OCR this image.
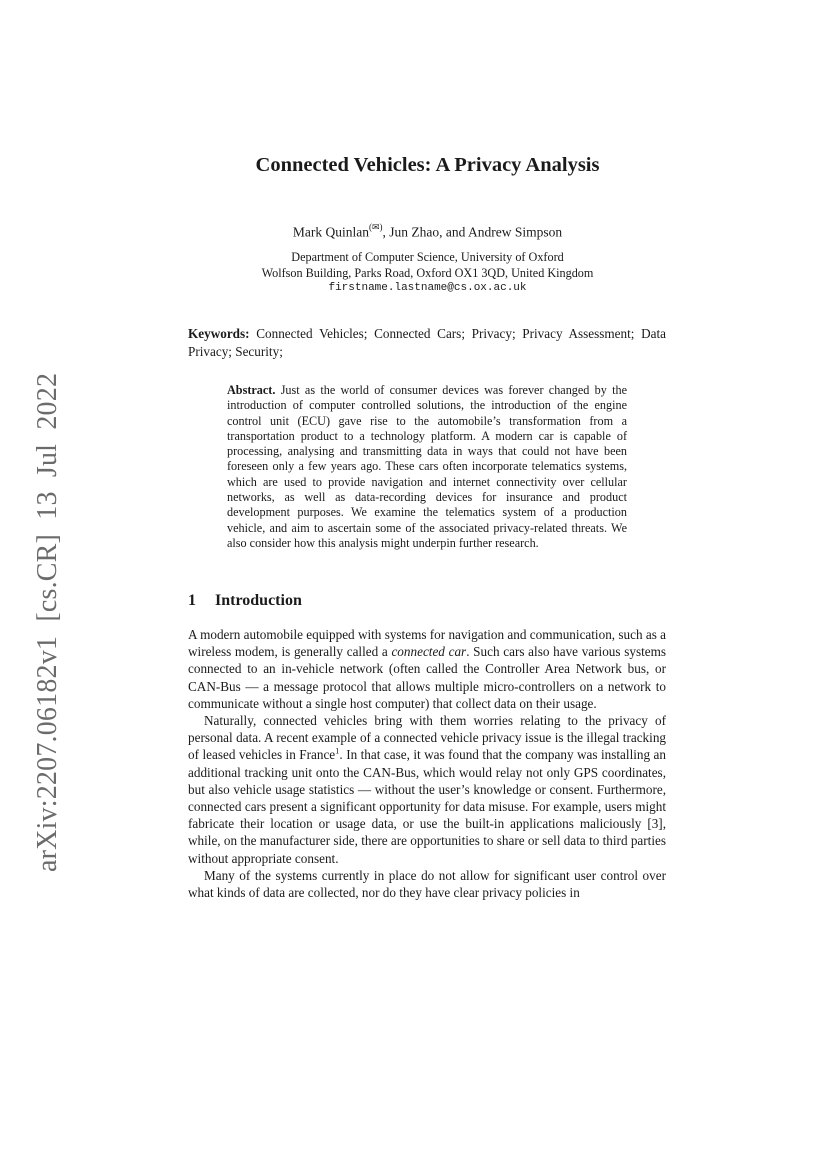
arXiv:2207.06182v1 [cs.CR] 13 Jul 2022
Connected Vehicles: A Privacy Analysis
Mark Quinlan(✉), Jun Zhao, and Andrew Simpson
Department of Computer Science, University of Oxford
Wolfson Building, Parks Road, Oxford OX1 3QD, United Kingdom
firstname.lastname@cs.ox.ac.uk
Keywords: Connected Vehicles; Connected Cars; Privacy; Privacy Assessment; Data Privacy; Security;
Abstract. Just as the world of consumer devices was forever changed by the introduction of computer controlled solutions, the introduction of the engine control unit (ECU) gave rise to the automobile’s transformation from a transportation product to a technology platform. A modern car is capable of processing, analysing and transmitting data in ways that could not have been foreseen only a few years ago. These cars often incorporate telematics systems, which are used to provide navigation and internet connectivity over cellular networks, as well as data-recording devices for insurance and product development purposes. We examine the telematics system of a production vehicle, and aim to ascertain some of the associated privacy-related threats. We also consider how this analysis might underpin further research.
1 Introduction

A modern automobile equipped with systems for navigation and communication, such as a wireless modem, is generally called a connected car. Such cars also have various systems connected to an in-vehicle network (often called the Controller Area Network bus, or CAN-Bus — a message protocol that allows multiple micro-controllers on a network to communicate without a single host computer) that collect data on their usage.

Naturally, connected vehicles bring with them worries relating to the privacy of personal data. A recent example of a connected vehicle privacy issue is the illegal tracking of leased vehicles in France$^1$. In that case, it was found that the company was installing an additional tracking unit onto the CAN-Bus, which would relay not only GPS coordinates, but also vehicle usage statistics — without the user’s knowledge or consent. Furthermore, connected cars present a significant opportunity for data misuse. For example, users might fabricate their location or usage data, or use the built-in applications maliciously [3], while, on the manufacturer side, there are opportunities to share or sell data to third parties without appropriate consent.

Many of the systems currently in place do not allow for significant user control over what kinds of data are collected, nor do they have clear privacy policies in
